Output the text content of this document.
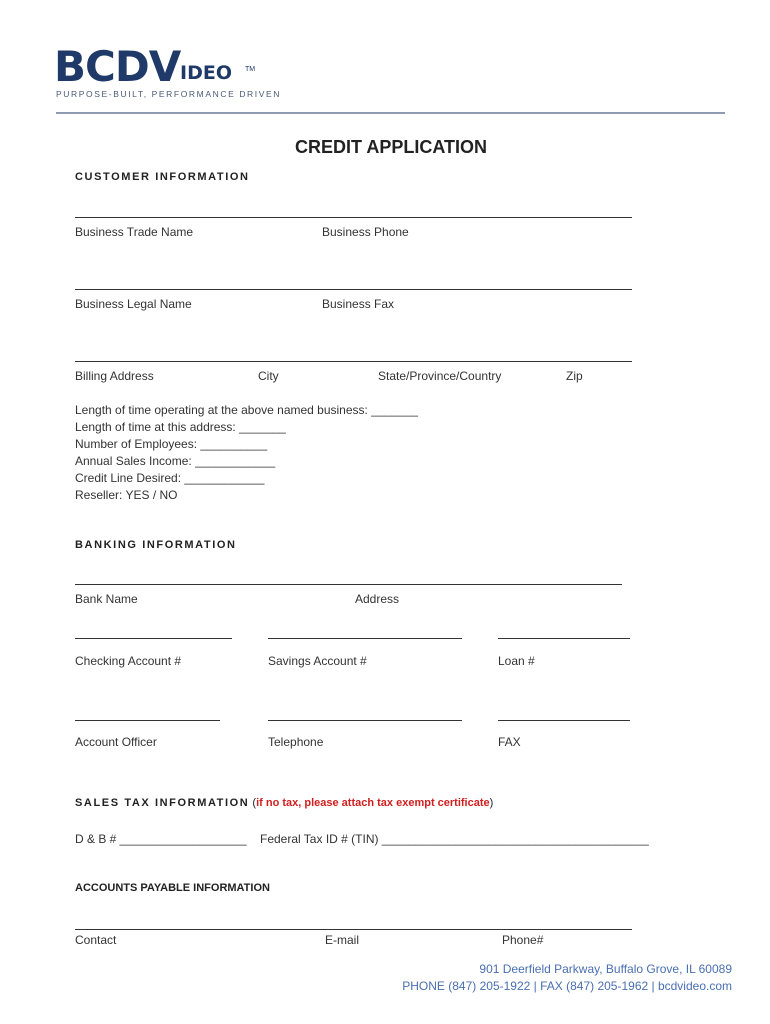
BCDV IDEO TM
PURPOSE-BUILT, PERFORMANCE DRIVEN
CREDIT APPLICATION
CUSTOMER INFORMATION
Business Trade Name	Business Phone
Business Legal Name	Business Fax
Billing Address	City	State/Province/Country	Zip
Length of time operating at the above named business: _______
Length of time at this address: _______
Number of Employees: __________
Annual Sales Income: ____________
Credit Line Desired: ____________
Reseller: YES / NO
BANKING INFORMATION
Bank Name	Address
Checking Account #	Savings Account #	Loan #
Account Officer	Telephone	FAX
SALES TAX INFORMATION (if no tax, please attach tax exempt certificate)
D & B # ___________________ Federal Tax ID # (TIN) ________________________________________
ACCOUNTS PAYABLE INFORMATION
Contact	E-mail	Phone#
901 Deerfield Parkway, Buffalo Grove, IL 60089
PHONE (847) 205-1922 | FAX (847) 205-1962 | bcdvideo.com
